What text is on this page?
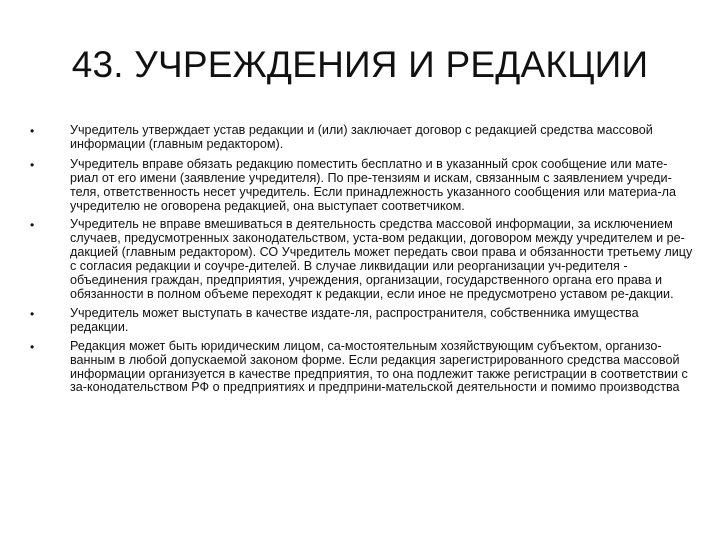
43. УЧРЕЖДЕНИЯ И РЕДАКЦИИ
•	Учредитель утверждает устав редакции и (или) заключает договор с редакцией средства массовой информации (главным редактором).
•	Учредитель вправе обязать редакцию поместить бесплатно и в указанный срок сообщение или мате-риал от его имени (заявление учредителя). По пре-тензиям и искам, связанным с заявлением учреди-теля, ответственность несет учредитель. Если принадлежность указанного сообщения или материа-ла учредителю не оговорена редакцией, она выступает соответчиком.
•	Учредитель не вправе вмешиваться в деятельность средства массовой информации, за исключением случаев, предусмотренных законодательством, уста-вом редакции, договором между учредителем и ре-дакцией (главным редактором). СО Учредитель может передать свои права и обязанности третьему лицу с согласия редакции и соучре-дителей. В случае ликвидации или реорганизации уч-редителя - объединения граждан, предприятия, учреждения, организации, государственного органа его права и обязанности в полном объеме переходят к редакции, если иное не предусмотрено уставом ре-дакции.
•	Учредитель может выступать в качестве издате-ля, распространителя, собственника имущества редакции.
•	Редакция может быть юридическим лицом, са-мостоятельным хозяйствующим субъектом, организо-ванным в любой допускаемой законом форме. Если редакция зарегистрированного средства массовой информации организуется в качестве предприятия, то она подлежит также регистрации в соответствии с за-конодательством РФ о предприятиях и предприни-мательской деятельности и помимо производства
